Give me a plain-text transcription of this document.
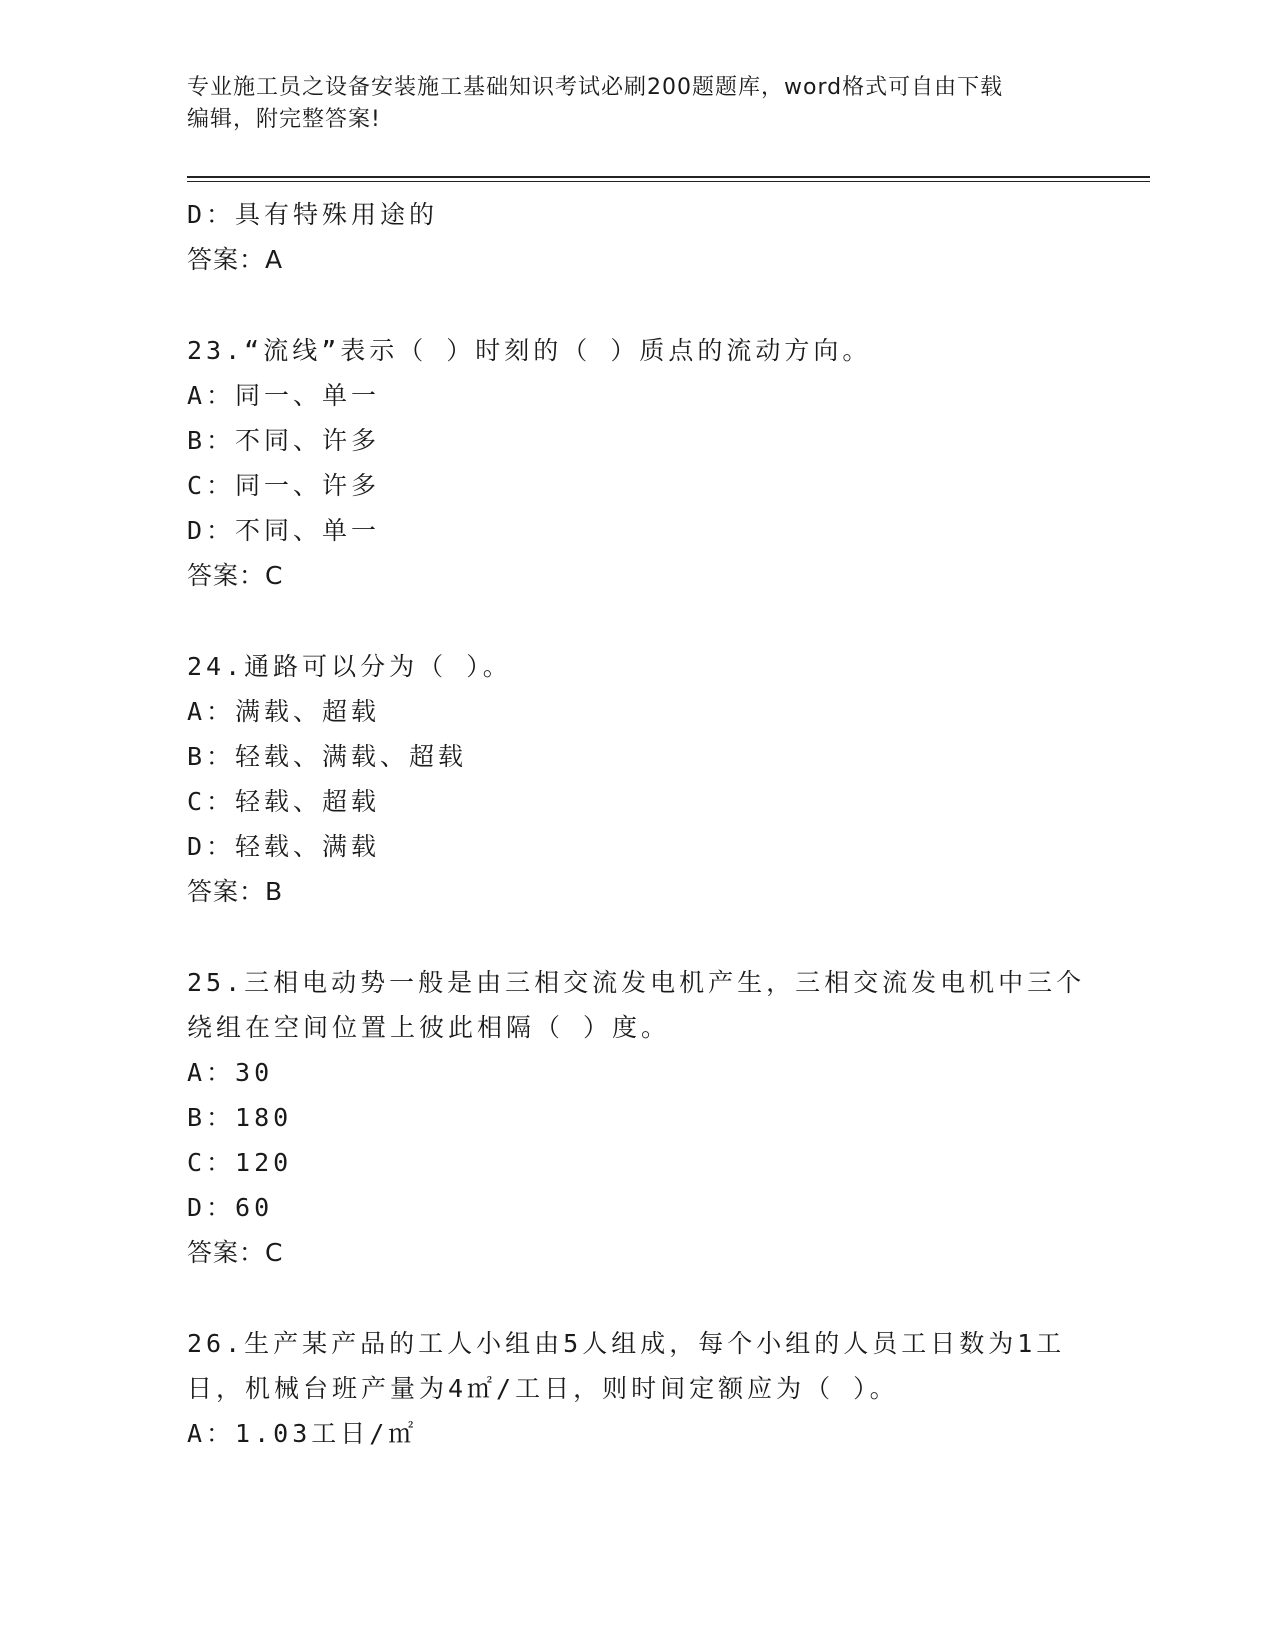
专业施工员之设备安装施工基础知识考试必刷200题题库，word格式可自由下载
编辑，附完整答案!
D：具有特殊用途的
答案：A
23.“流线”表示（ ）时刻的（ ）质点的流动方向。
A：同一、单一
B：不同、许多
C：同一、许多
D：不同、单一
答案：C
24.通路可以分为（ ）。
A：满载、超载
B：轻载、满载、超载
C：轻载、超载
D：轻载、满载
答案：B
25.三相电动势一般是由三相交流发电机产生，三相交流发电机中三个
绕组在空间位置上彼此相隔（ ）度。
A：30
B：180
C：120
D：60
答案：C
26.生产某产品的工人小组由5人组成，每个小组的人员工日数为1工
日，机械台班产量为4㎡/工日，则时间定额应为（ ）。
A：1.03工日/㎡
